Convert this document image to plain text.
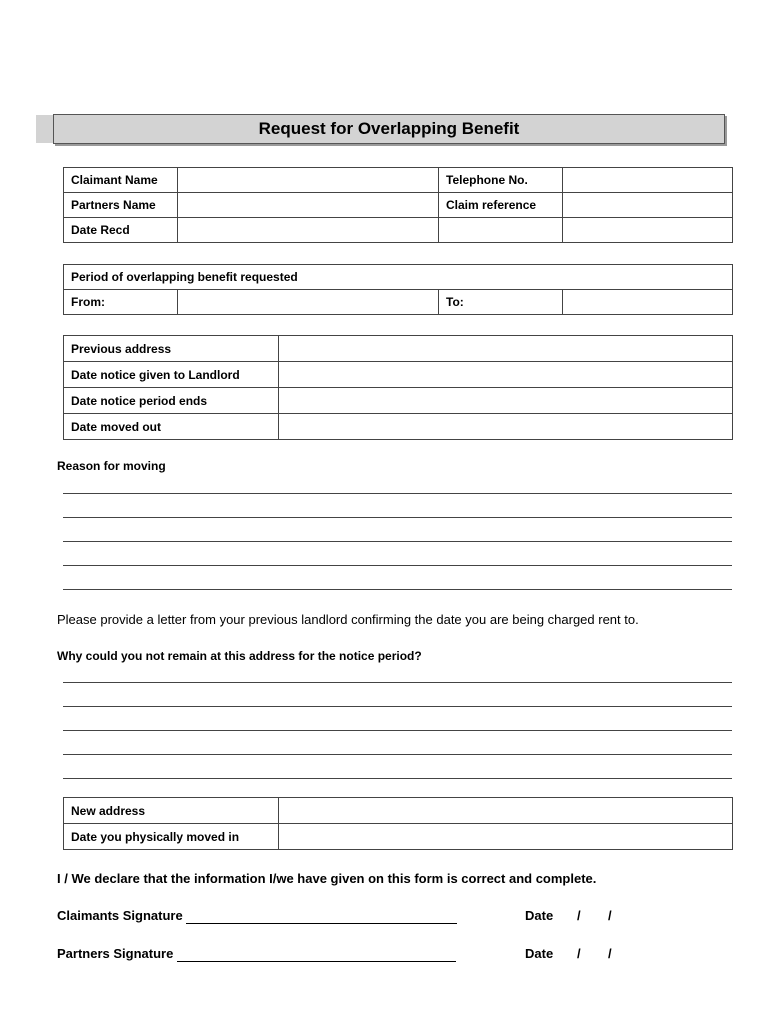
Request for Overlapping Benefit
Claimant Name		Telephone No.	
Partners Name		Claim reference	
Date Recd			
Period of overlapping benefit requested
From:		To:	
Previous address	
Date notice given to Landlord	
Date notice period ends	
Date moved out	
Reason for moving
Please provide a letter from your previous landlord confirming the date you are being charged rent to.
Why could you not remain at this address for the notice period?
New address	
Date you physically moved in	
I / We declare that the information I/we have given on this form is correct and complete.
Claimants Signature	Date / /
Partners Signature	Date / /
